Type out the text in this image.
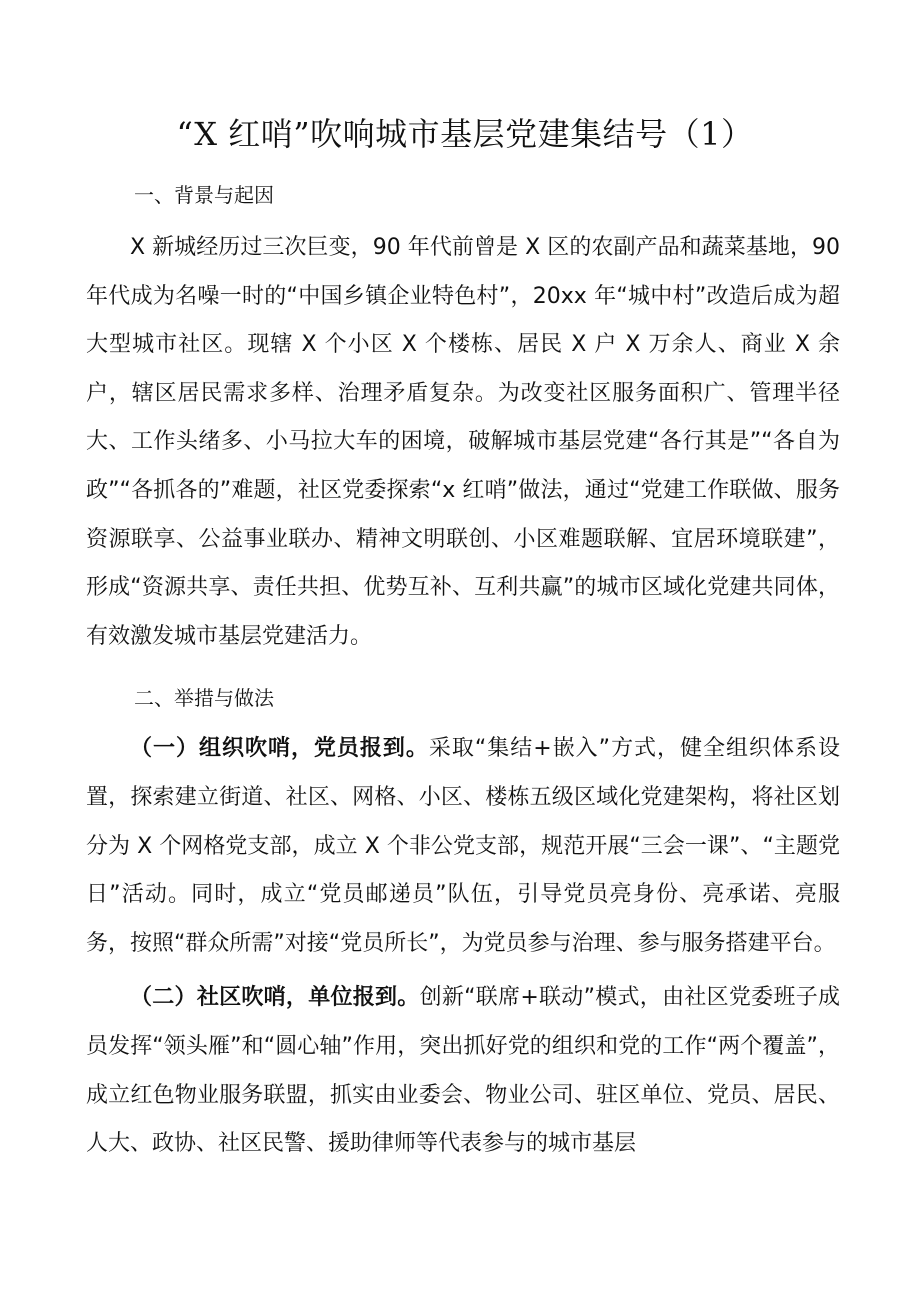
“X 红哨”吹响城市基层党建集结号（1）
一、背景与起因

X 新城经历过三次巨变，90 年代前曾是 X 区的农副产品和蔬菜基地，90 年代成为名噪一时的“中国乡镇企业特色村”，20xx 年“城中村”改造后成为超大型城市社区。现辖 X 个小区 X 个楼栋、居民 X 户 X 万余人、商业 X 余户，辖区居民需求多样、治理矛盾复杂。为改变社区服务面积广、管理半径大、工作头绪多、小马拉大车的困境，破解城市基层党建“各行其是”“各自为政”“各抓各的”难题，社区党委探索“x 红哨”做法，通过“党建工作联做、服务资源联享、公益事业联办、精神文明联创、小区难题联解、宜居环境联建”，形成“资源共享、责任共担、优势互补、互利共赢”的城市区域化党建共同体，有效激发城市基层党建活力。

二、举措与做法

（一）组织吹哨，党员报到。采取“集结+嵌入”方式，健全组织体系设置，探索建立街道、社区、网格、小区、楼栋五级区域化党建架构，将社区划分为 X 个网格党支部，成立 X 个非公党支部，规范开展“三会一课”、“主题党日”活动。同时，成立“党员邮递员”队伍，引导党员亮身份、亮承诺、亮服务，按照“群众所需”对接“党员所长”，为党员参与治理、参与服务搭建平台。

（二）社区吹哨，单位报到。创新“联席+联动”模式，由社区党委班子成员发挥“领头雁”和“圆心轴”作用，突出抓好党的组织和党的工作“两个覆盖”，成立红色物业服务联盟，抓实由业委会、物业公司、驻区单位、党员、居民、人大、政协、社区民警、援助律师等代表参与的城市基层
